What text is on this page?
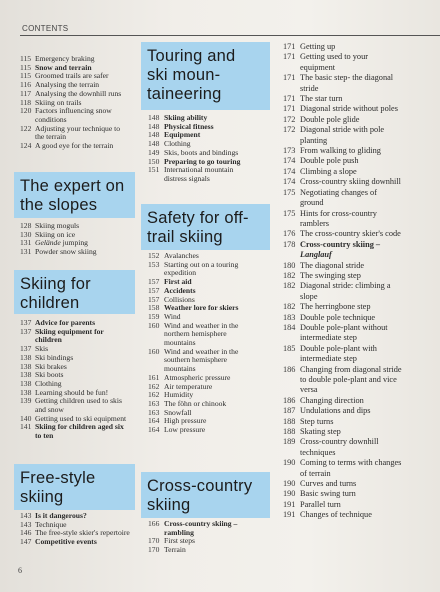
CONTENTS
115 Emergency braking
115 Snow and terrain
115 Groomed trails are safer
116 Analysing the terrain
117 Analysing the downhill runs
118 Skiing on trails
120 Factors influencing snow
conditions
122 Adjusting your technique to
the terrain
124 A good eye for the terrain
The expert on
the slopes
128 Skiing moguls
130 Skiing on ice
131 Gelände jumping
131 Powder snow skiing
Skiing for
children
137 Advice for parents
137 Skiing equipment for
children
137 Skis
138 Ski bindings
138 Ski brakes
138 Ski boots
138 Clothing
138 Learning should be fun!
139 Getting children used to skis
and snow
140 Getting used to ski equipment
141 Skiing for children aged six
to ten
Free-style
skiing
143 Is it dangerous?
143 Technique
146 The free-style skier's repertoire
147 Competitive events
Touring and
ski moun-
taineering
148 Skiing ability
148 Physical fitness
148 Equipment
148 Clothing
149 Skis, boots and bindings
150 Preparing to go touring
151 International mountain
distress signals
Safety for off-
trail skiing
152 Avalanches
153 Starting out on a touring
expedition
157 First aid
157 Accidents
157 Collisions
158 Weather lore for skiers
159 Wind
160 Wind and weather in the
northern hemisphere
mountains
160 Wind and weather in the
southern hemisphere
mountains
161 Atmospheric pressure
162 Air temperature
162 Humidity
163 The föhn or chinook
163 Snowfall
164 High pressure
164 Low pressure
Cross-country
skiing
166 Cross-country skiing –
rambling
170 First steps
170 Terrain
171 Getting up
171 Getting used to your
equipment
171 The basic step- the diagonal
stride
171 The star turn
171 Diagonal stride without poles
172 Double pole glide
172 Diagonal stride with pole
planting
173 From walking to gliding
174 Double pole push
174 Climbing a slope
174 Cross-country skiing downhill
175 Negotiating changes of
ground
175 Hints for cross-country
ramblers
176 The cross-country skier's code
178 Cross-country skiing –
Langlauf
180 The diagonal stride
182 The swinging step
182 Diagonal stride: climbing a
slope
182 The herringbone step
183 Double pole technique
184 Double pole-plant without
intermediate step
185 Double pole-plant with
intermediate step
186 Changing from diagonal stride
to double pole-plant and vice
versa
186 Changing direction
187 Undulations and dips
188 Step turns
188 Skating step
189 Cross-country downhill
techniques
190 Coming to terms with changes
of terrain
190 Curves and turns
190 Basic swing turn
191 Parallel turn
191 Changes of technique
6
